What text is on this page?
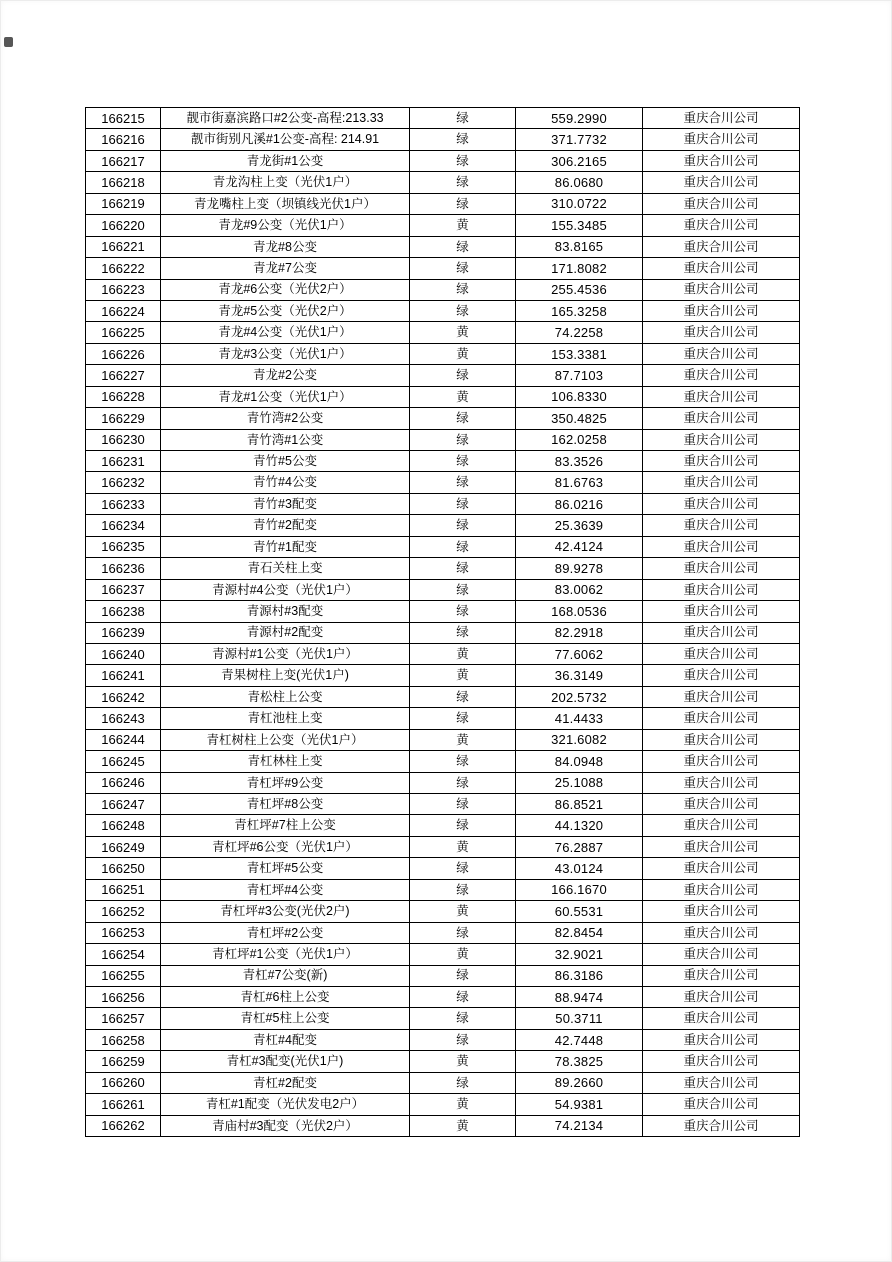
166215	靓市街嘉滨路口#2公变-高程:213.33	绿	559.2990	重庆合川公司
166216	靓市街别凡溪#1公变-高程: 214.91	绿	371.7732	重庆合川公司
166217	青龙街#1公变	绿	306.2165	重庆合川公司
166218	青龙沟柱上变（光伏1户）	绿	86.0680	重庆合川公司
166219	青龙嘴柱上变（坝镇线光伏1户）	绿	310.0722	重庆合川公司
166220	青龙#9公变（光伏1户）	黄	155.3485	重庆合川公司
166221	青龙#8公变	绿	83.8165	重庆合川公司
166222	青龙#7公变	绿	171.8082	重庆合川公司
166223	青龙#6公变（光伏2户）	绿	255.4536	重庆合川公司
166224	青龙#5公变（光伏2户）	绿	165.3258	重庆合川公司
166225	青龙#4公变（光伏1户）	黄	74.2258	重庆合川公司
166226	青龙#3公变（光伏1户）	黄	153.3381	重庆合川公司
166227	青龙#2公变	绿	87.7103	重庆合川公司
166228	青龙#1公变（光伏1户）	黄	106.8330	重庆合川公司
166229	青竹湾#2公变	绿	350.4825	重庆合川公司
166230	青竹湾#1公变	绿	162.0258	重庆合川公司
166231	青竹#5公变	绿	83.3526	重庆合川公司
166232	青竹#4公变	绿	81.6763	重庆合川公司
166233	青竹#3配变	绿	86.0216	重庆合川公司
166234	青竹#2配变	绿	25.3639	重庆合川公司
166235	青竹#1配变	绿	42.4124	重庆合川公司
166236	青石关柱上变	绿	89.9278	重庆合川公司
166237	青源村#4公变（光伏1户）	绿	83.0062	重庆合川公司
166238	青源村#3配变	绿	168.0536	重庆合川公司
166239	青源村#2配变	绿	82.2918	重庆合川公司
166240	青源村#1公变（光伏1户）	黄	77.6062	重庆合川公司
166241	青果树柱上变(光伏1户)	黄	36.3149	重庆合川公司
166242	青松柱上公变	绿	202.5732	重庆合川公司
166243	青杠池柱上变	绿	41.4433	重庆合川公司
166244	青杠树柱上公变（光伏1户）	黄	321.6082	重庆合川公司
166245	青杠林柱上变	绿	84.0948	重庆合川公司
166246	青杠坪#9公变	绿	25.1088	重庆合川公司
166247	青杠坪#8公变	绿	86.8521	重庆合川公司
166248	青杠坪#7柱上公变	绿	44.1320	重庆合川公司
166249	青杠坪#6公变（光伏1户）	黄	76.2887	重庆合川公司
166250	青杠坪#5公变	绿	43.0124	重庆合川公司
166251	青杠坪#4公变	绿	166.1670	重庆合川公司
166252	青杠坪#3公变(光伏2户)	黄	60.5531	重庆合川公司
166253	青杠坪#2公变	绿	82.8454	重庆合川公司
166254	青杠坪#1公变（光伏1户）	黄	32.9021	重庆合川公司
166255	青杠#7公变(新)	绿	86.3186	重庆合川公司
166256	青杠#6柱上公变	绿	88.9474	重庆合川公司
166257	青杠#5柱上公变	绿	50.3711	重庆合川公司
166258	青杠#4配变	绿	42.7448	重庆合川公司
166259	青杠#3配变(光伏1户)	黄	78.3825	重庆合川公司
166260	青杠#2配变	绿	89.2660	重庆合川公司
166261	青杠#1配变（光伏发电2户）	黄	54.9381	重庆合川公司
166262	青庙村#3配变（光伏2户）	黄	74.2134	重庆合川公司
